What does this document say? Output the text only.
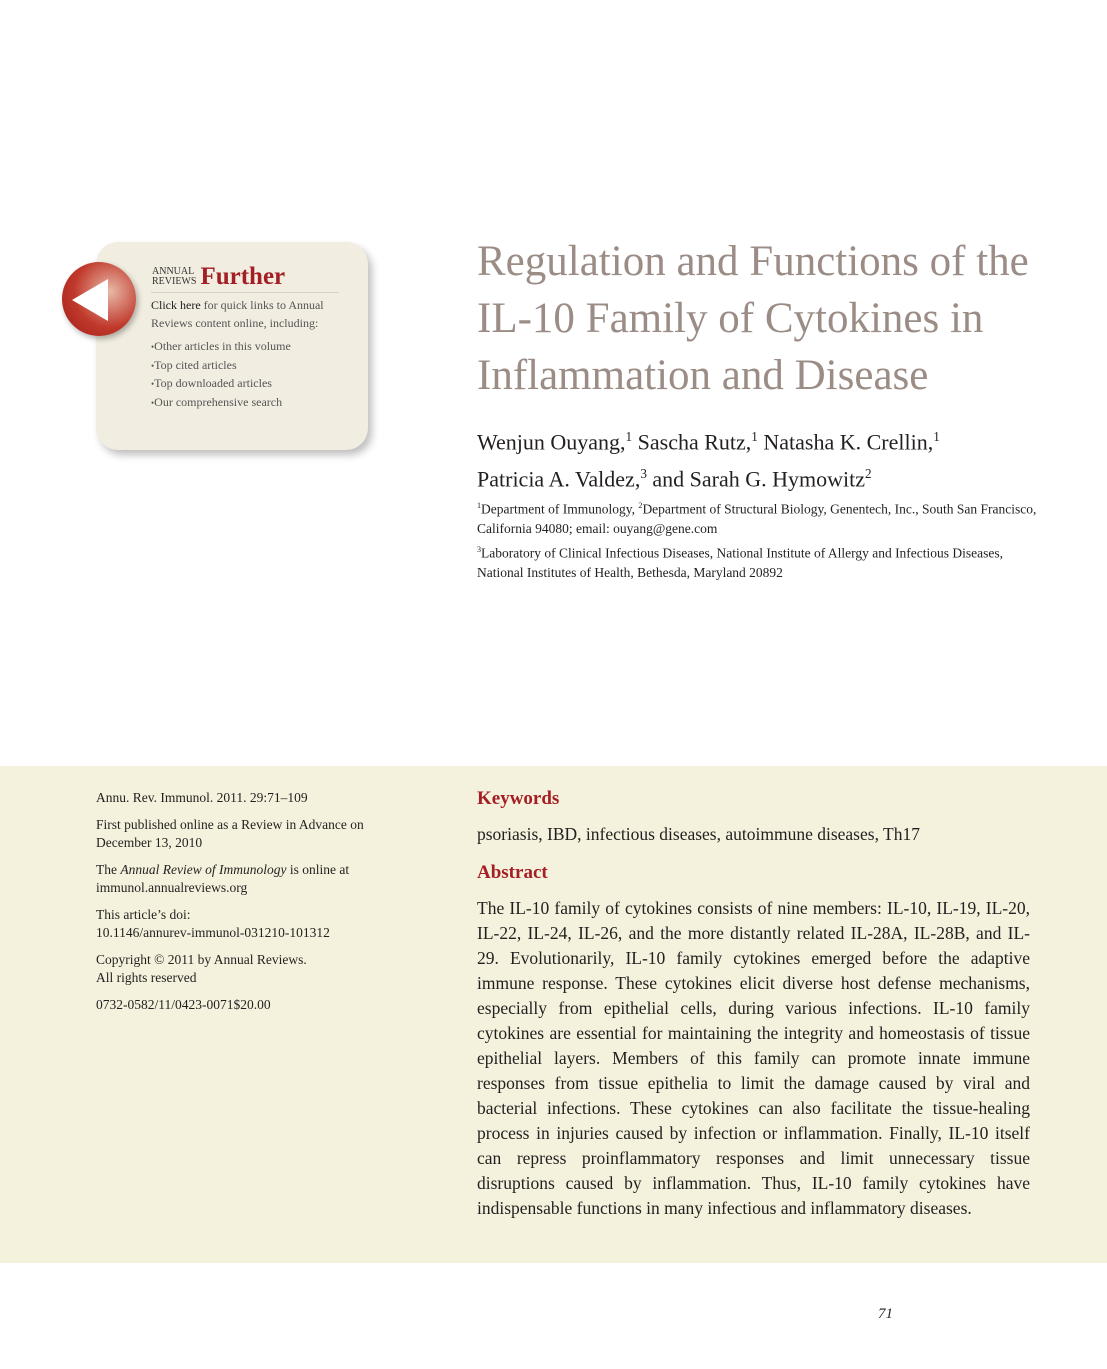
ANNUAL
REVIEWS Further
Click here for quick links to Annual Reviews content online, including:
• Other articles in this volume
• Top cited articles
• Top downloaded articles
• Our comprehensive search
Regulation and Functions of the IL-10 Family of Cytokines in Inflammation and Disease
Wenjun Ouyang,$^1$ Sascha Rutz,$^1$ Natasha K. Crellin,$^1$
Patricia A. Valdez,$^3$ and Sarah G. Hymowitz$^2$
$^1$Department of Immunology, $^2$Department of Structural Biology, Genentech, Inc., South San Francisco, California 94080; email: ouyang@gene.com
$^3$Laboratory of Clinical Infectious Diseases, National Institute of Allergy and Infectious Diseases, National Institutes of Health, Bethesda, Maryland 20892

Annu. Rev. Immunol. 2011. 29:71–109

First published online as a Review in Advance on December 13, 2010

The Annual Review of Immunology is online at immunol.annualreviews.org

This article’s doi:
10.1146/annurev-immunol-031210-101312

Copyright © 2011 by Annual Reviews.
All rights reserved

0732-0582/11/0423-0071$20.00

Keywords
psoriasis, IBD, infectious diseases, autoimmune diseases, Th17
Abstract
The IL-10 family of cytokines consists of nine members: IL-10, IL-19, IL-20, IL-22, IL-24, IL-26, and the more distantly related IL-28A, IL-28B, and IL-29. Evolutionarily, IL-10 family cytokines emerged before the adaptive immune response. These cytokines elicit diverse host defense mechanisms, especially from epithelial cells, during various infections. IL-10 family cytokines are essential for maintaining the integrity and homeostasis of tissue epithelial layers. Members of this family can promote innate immune responses from tissue epithelia to limit the damage caused by viral and bacterial infections. These cytokines can also facilitate the tissue-healing process in injuries caused by infection or inflammation. Finally, IL-10 itself can repress proinflammatory responses and limit unnecessary tissue disruptions caused by inflammation. Thus, IL-10 family cytokines have indispensable functions in many infectious and inflammatory diseases.
71
